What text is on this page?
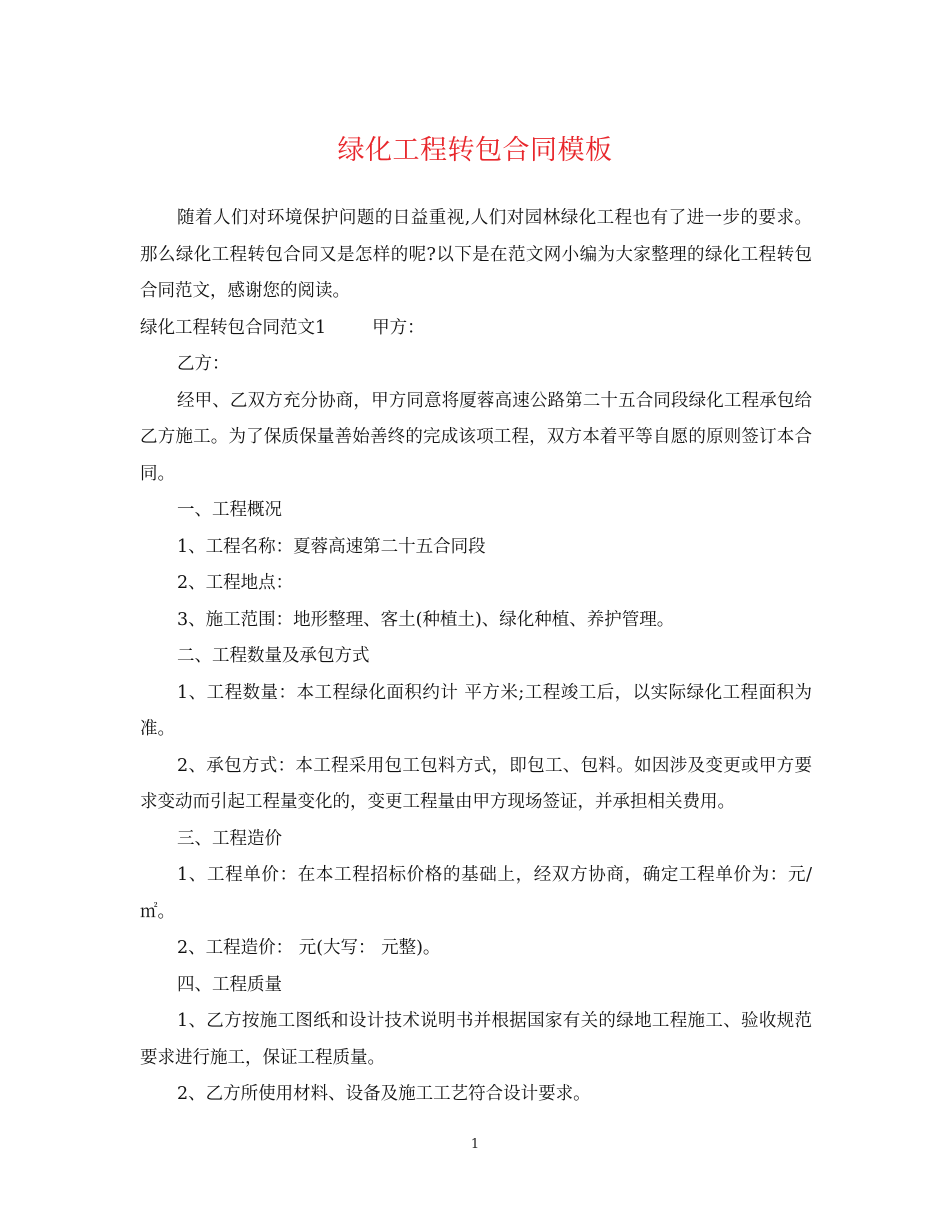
绿化工程转包合同模板

随着人们对环境保护问题的日益重视,人们对园林绿化工程也有了进一步的要求。那么绿化工程转包合同又是怎样的呢?以下是在范文网小编为大家整理的绿化工程转包合同范文，感谢您的阅读。

绿化工程转包合同范文1	甲方：

乙方：

经甲、乙双方充分协商，甲方同意将厦蓉高速公路第二十五合同段绿化工程承包给乙方施工。为了保质保量善始善终的完成该项工程，双方本着平等自愿的原则签订本合同。

一、工程概况

1、工程名称：夏蓉高速第二十五合同段

2、工程地点：

3、施工范围：地形整理、客土(种植土)、绿化种植、养护管理。

二、工程数量及承包方式

1、工程数量：本工程绿化面积约计 平方米;工程竣工后，以实际绿化工程面积为准。

2、承包方式：本工程采用包工包料方式，即包工、包料。如因涉及变更或甲方要求变动而引起工程量变化的，变更工程量由甲方现场签证，并承担相关费用。

三、工程造价

1、工程单价：在本工程招标价格的基础上，经双方协商，确定工程单价为：元/㎡。

2、工程造价： 元(大写： 元整)。

四、工程质量

1、乙方按施工图纸和设计技术说明书并根据国家有关的绿地工程施工、验收规范要求进行施工，保证工程质量。

2、乙方所使用材料、设备及施工工艺符合设计要求。

1
